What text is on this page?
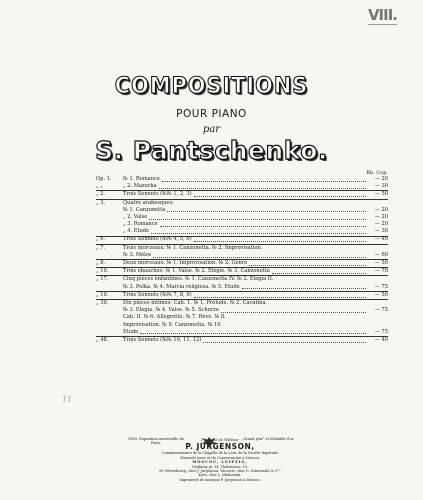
VIII.
COMPOSITIONS
POUR PIANO
par
S. Pantschenko.
Rb. Cop.
Op. 1.	№ 1. Romance	— 20
„ „	„ 2. Mazurka	— 30
„ 2.	Trois Sonnets (№№ 1, 2, 3)	— 50
„ 3.	Quatre arabesques:
№ 1. Canzonetta	— 20
„ 2. Valse	— 20
„ 3. Romance	— 20
„ 4. Etude	— 30
„ 6.	Trois Sonnets (№№ 4, 5, 6)	— 40
„ 7.	Trois morceaux: № 1. Canzonetta. № 2. Improvisation.
№ 3. Mélos	— 60
„ 8.	Deux morceaux: № 1. Improvisation. № 2. Genre	— 50
„ 10.	Trois ébauches: № 1. Valse. № 2. Elégie. № 3. Canzonetta	— 70
„ 17.	Cinq pièces enfantines. № 1. Canzonetta IV. № 2. Elegia II.
№ 3. Polka. № 4. Marcia religiosa. № 5. Etude	— 75
„ 19.	Trois Sonnets (№№ 7, 8, 9)	— 50
„ 39.	Dix pièces intimes: Cah. 1. № 1. Prélude. № 2. Cavatina.
№ 3. Elegia. № 4. Valse. № 5. Scherzo	— 75
Cah. II. № 6. Allegretto. № 7. Rêve. № 8.
Improvisation. № 9. Canzonetta. № 10.
Etude	— 75
„ 48.	Trois Sonnets (№№ 10, 11, 12)	— 40
11
1889. Exposition universelle de Paris.
„Grand prix“ et Médaille d'or.
Propriété de l'Éditeur
P. JURGENSON,
Commissionnaire de la Chapelle de la Cour, de la Société Impériale
Musicale russe et du Conservatoire à Moscou.
MOSCOU, LEIPZIG,
Neglinny pr. 14. Thalstrasse, 19.
St.-Pétersbourg, chez J. Jurgenson. Varsovie, chez G. Sennewald & Cᴵᴱ.
Kiew, chez L. Idzikowski.
Imprimerie de musique P. Jurgenson à Moscou.
